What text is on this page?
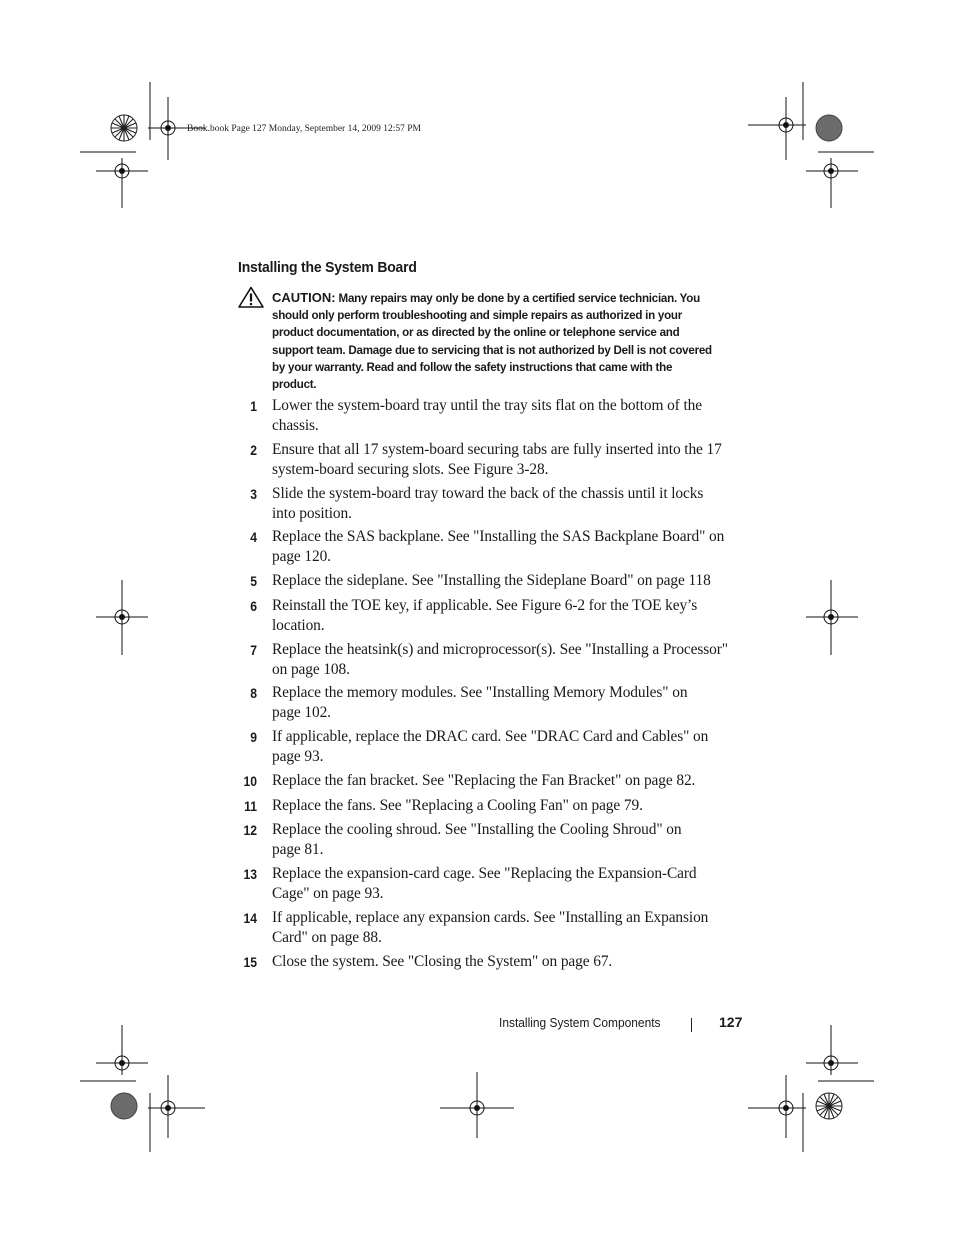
Book.book Page 127 Monday, September 14, 2009 12:57 PM
Installing the System Board
CAUTION: Many repairs may only be done by a certified service technician. You
should only perform troubleshooting and simple repairs as authorized in your
product documentation, or as directed by the online or telephone service and
support team. Damage due to servicing that is not authorized by Dell is not covered
by your warranty. Read and follow the safety instructions that came with the
product.
1 Lower the system-board tray until the tray sits flat on the bottom of the
chassis.
2 Ensure that all 17 system-board securing tabs are fully inserted into the 17
system-board securing slots. See Figure 3-28.
3 Slide the system-board tray toward the back of the chassis until it locks
into position.
4 Replace the SAS backplane. See "Installing the SAS Backplane Board" on
page 120.
5 Replace the sideplane. See "Installing the Sideplane Board" on page 118
6 Reinstall the TOE key, if applicable. See Figure 6-2 for the TOE key’s
location.
7 Replace the heatsink(s) and microprocessor(s). See "Installing a Processor"
on page 108.
8 Replace the memory modules. See "Installing Memory Modules" on
page 102.
9 If applicable, replace the DRAC card. See "DRAC Card and Cables" on
page 93.
10 Replace the fan bracket. See "Replacing the Fan Bracket" on page 82.
11 Replace the fans. See "Replacing a Cooling Fan" on page 79.
12 Replace the cooling shroud. See "Installing the Cooling Shroud" on
page 81.
13 Replace the expansion-card cage. See "Replacing the Expansion-Card
Cage" on page 93.
14 If applicable, replace any expansion cards. See "Installing an Expansion
Card" on page 88.
15 Close the system. See "Closing the System" on page 67.
Installing System Components	127
